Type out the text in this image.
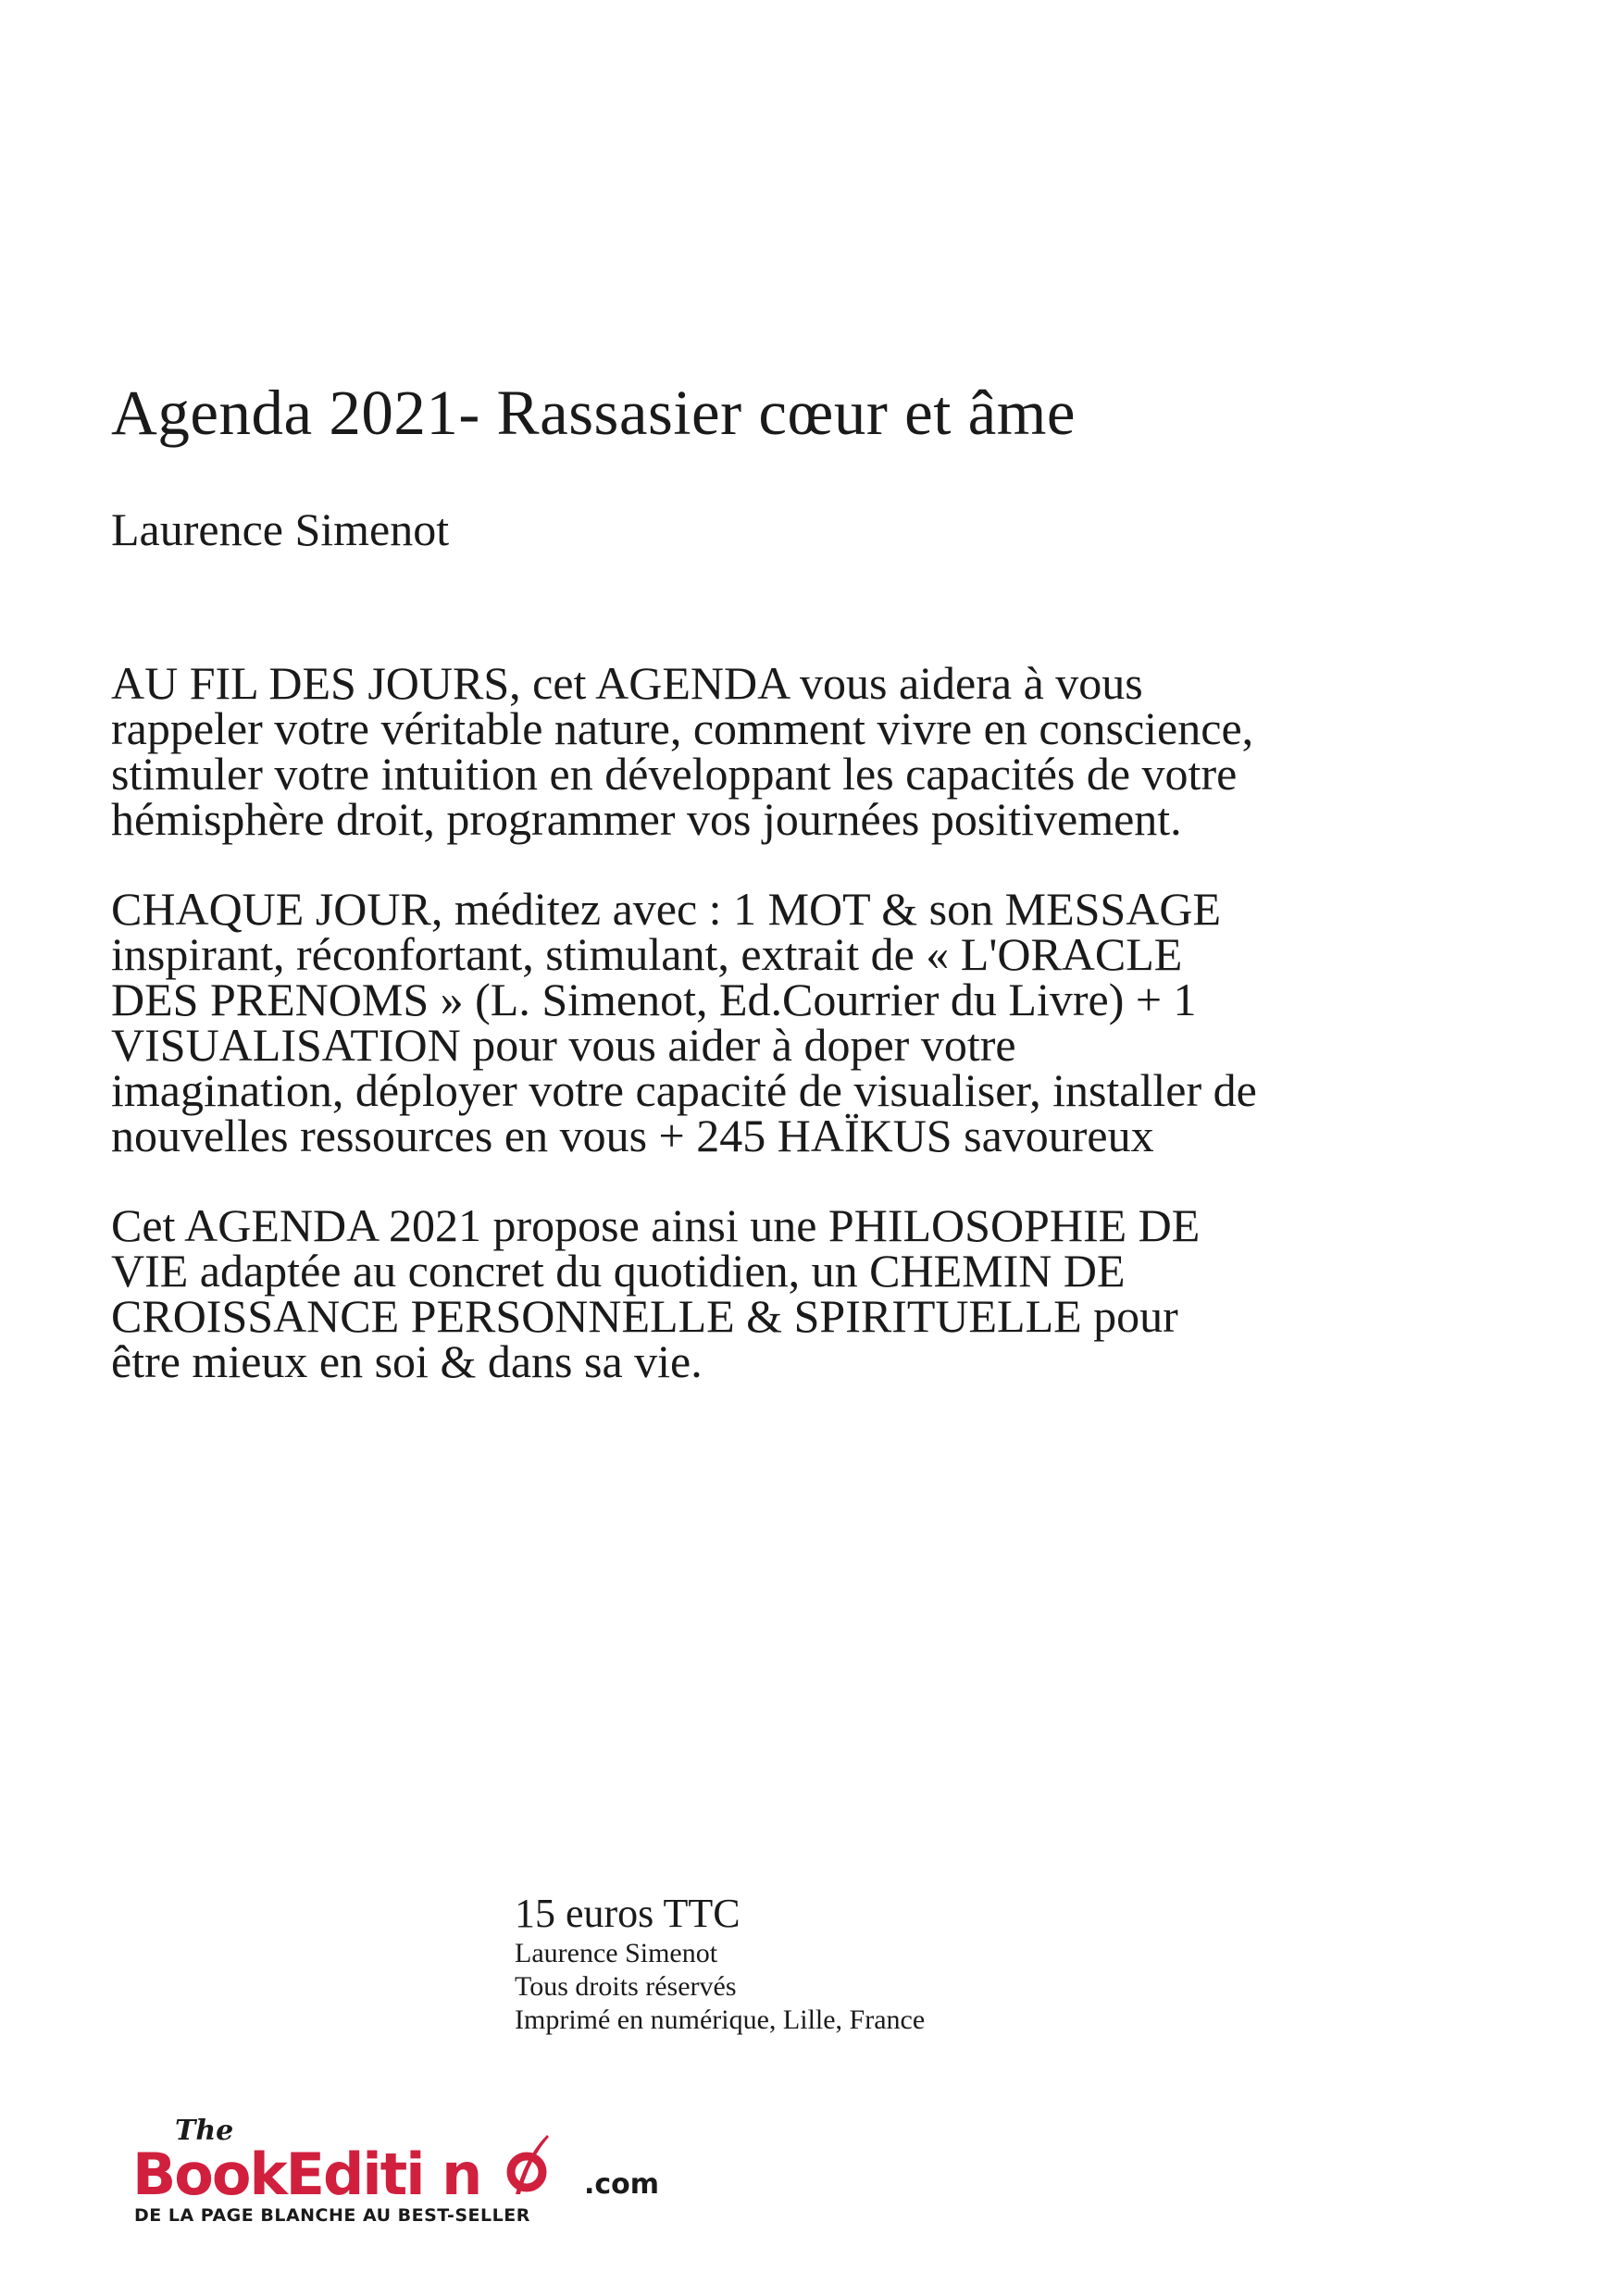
Agenda 2021- Rassasier cœur et âme
Laurence Simenot

AU FIL DES JOURS, cet AGENDA vous aidera à vous rappeler votre véritable nature, comment vivre en conscience, stimuler votre intuition en développant les capacités de votre hémisphère droit, programmer vos journées positivement.

CHAQUE JOUR, méditez avec : 1 MOT & son MESSAGE inspirant, réconfortant, stimulant, extrait de « L'ORACLE DES PRENOMS » (L. Simenot, Ed.Courrier du Livre) + 1 VISUALISATION pour vous aider à doper votre imagination, déployer votre capacité de visualiser, installer de nouvelles ressources en vous + 245 HAÏKUS savoureux

Cet AGENDA 2021 propose ainsi une PHILOSOPHIE DE VIE adaptée au concret du quotidien, un CHEMIN DE CROISSANCE PERSONNELLE & SPIRITUELLE pour être mieux en soi & dans sa vie.

15 euros TTC
Laurence Simenot
Tous droits réservés
Imprimé en numérique, Lille, France
The
BookEditi n	.com
DE LA PAGE BLANCHE AU BEST-SELLER
